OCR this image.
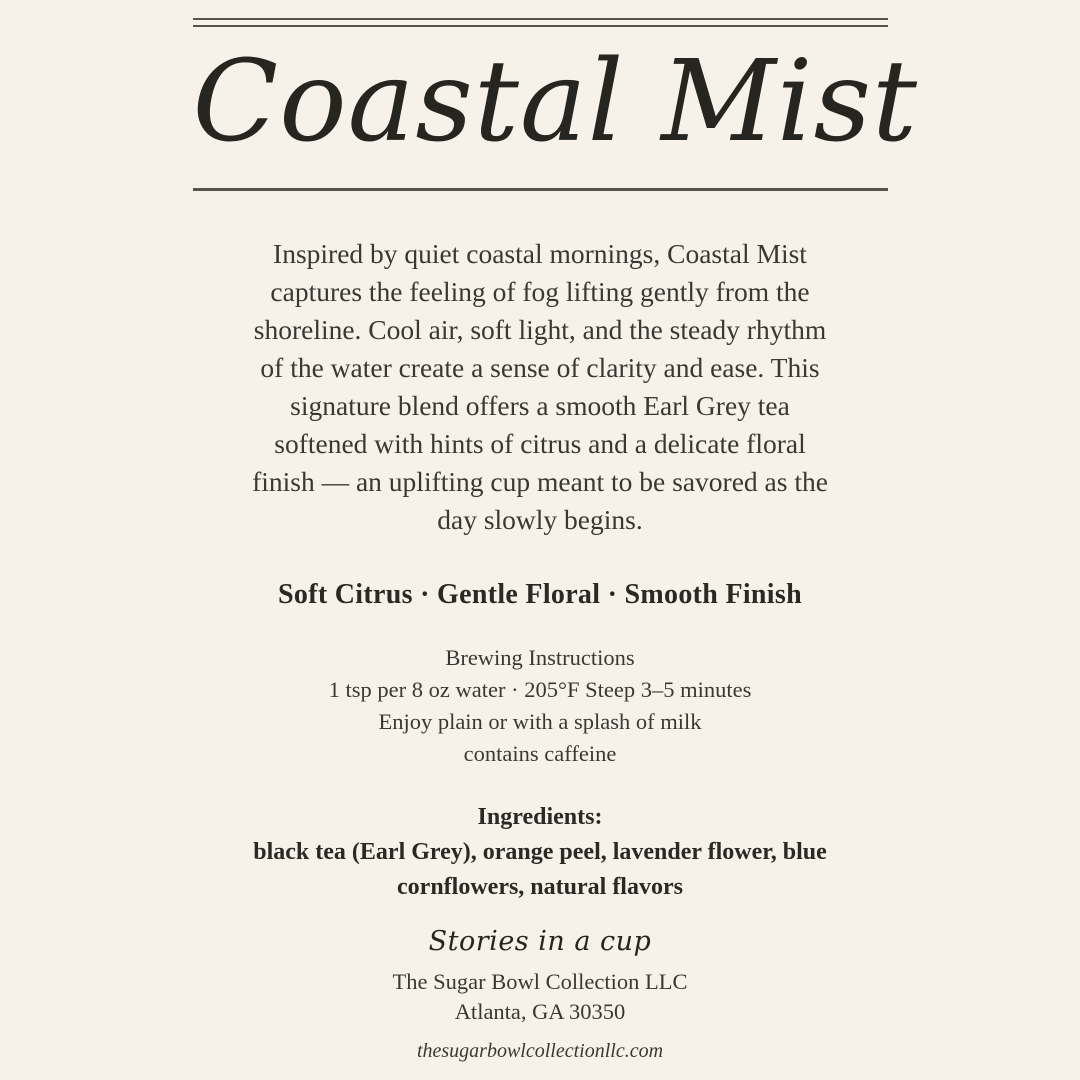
Coastal Mist
Inspired by quiet coastal mornings, Coastal Mist captures the feeling of fog lifting gently from the shoreline. Cool air, soft light, and the steady rhythm of the water create a sense of clarity and ease. This signature blend offers a smooth Earl Grey tea softened with hints of citrus and a delicate floral finish — an uplifting cup meant to be savored as the day slowly begins.
Soft Citrus · Gentle Floral · Smooth Finish
Brewing Instructions
1 tsp per 8 oz water · 205°F Steep 3–5 minutes
Enjoy plain or with a splash of milk
contains caffeine
Ingredients:
black tea (Earl Grey), orange peel, lavender flower, blue cornflowers, natural flavors
Stories in a cup
The Sugar Bowl Collection LLC
Atlanta, GA 30350
thesugarbowlcollectionllc.com
